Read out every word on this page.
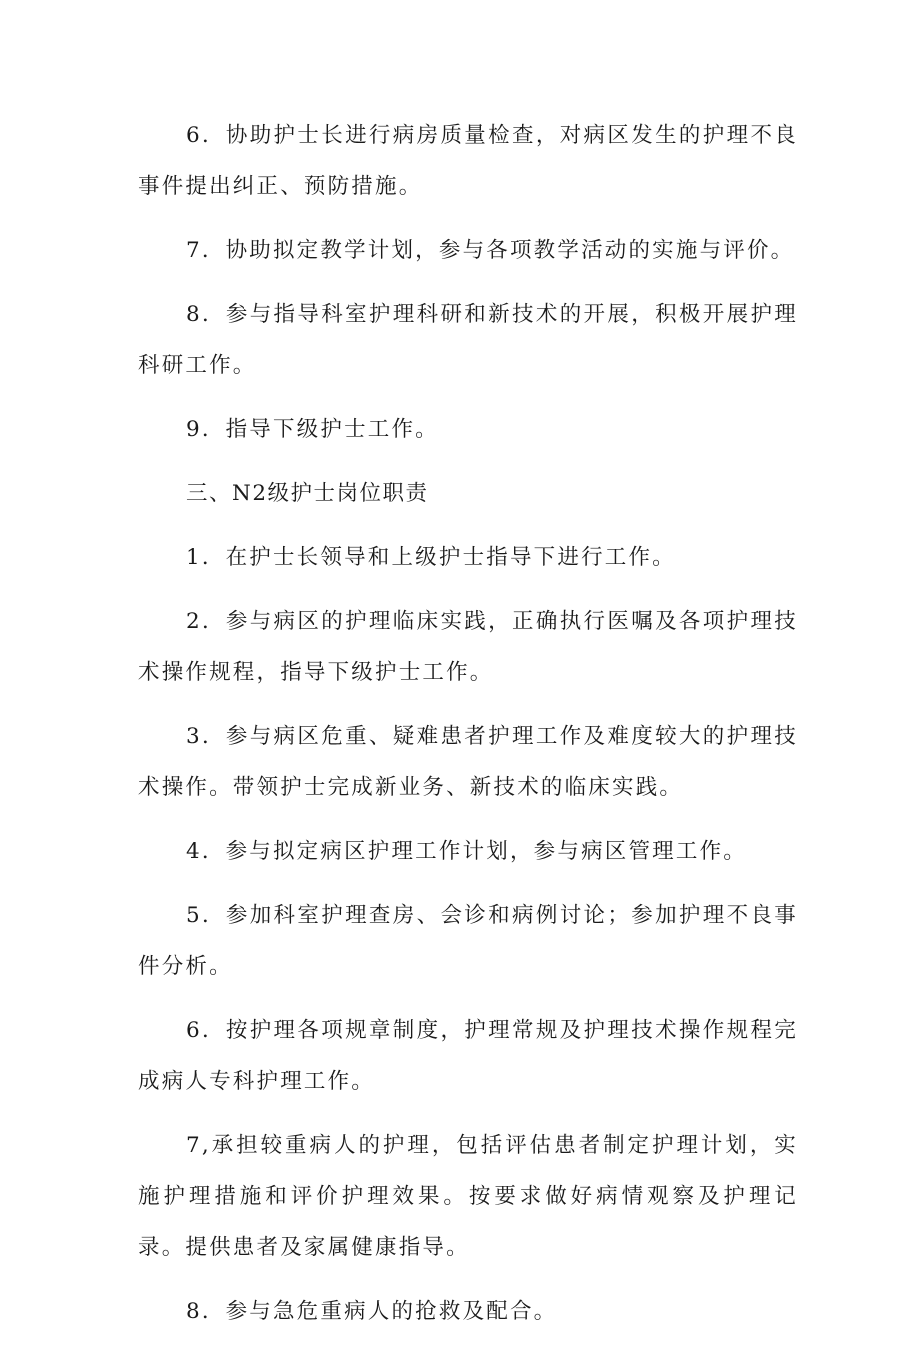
6．协助护士长进行病房质量检查，对病区发生的护理不良事件提出纠正、预防措施。

7．协助拟定教学计划，参与各项教学活动的实施与评价。

8．参与指导科室护理科研和新技术的开展，积极开展护理科研工作。

9．指导下级护士工作。

三、N2级护士岗位职责

1．在护士长领导和上级护士指导下进行工作。

2．参与病区的护理临床实践，正确执行医嘱及各项护理技术操作规程，指导下级护士工作。

3．参与病区危重、疑难患者护理工作及难度较大的护理技术操作。带领护士完成新业务、新技术的临床实践。

4．参与拟定病区护理工作计划，参与病区管理工作。

5．参加科室护理查房、会诊和病例讨论；参加护理不良事件分析。

6．按护理各项规章制度，护理常规及护理技术操作规程完成病人专科护理工作。

7,承担较重病人的护理，包括评估患者制定护理计划，实施护理措施和评价护理效果。按要求做好病情观察及护理记录。提供患者及家属健康指导。

8．参与急危重病人的抢救及配合。
